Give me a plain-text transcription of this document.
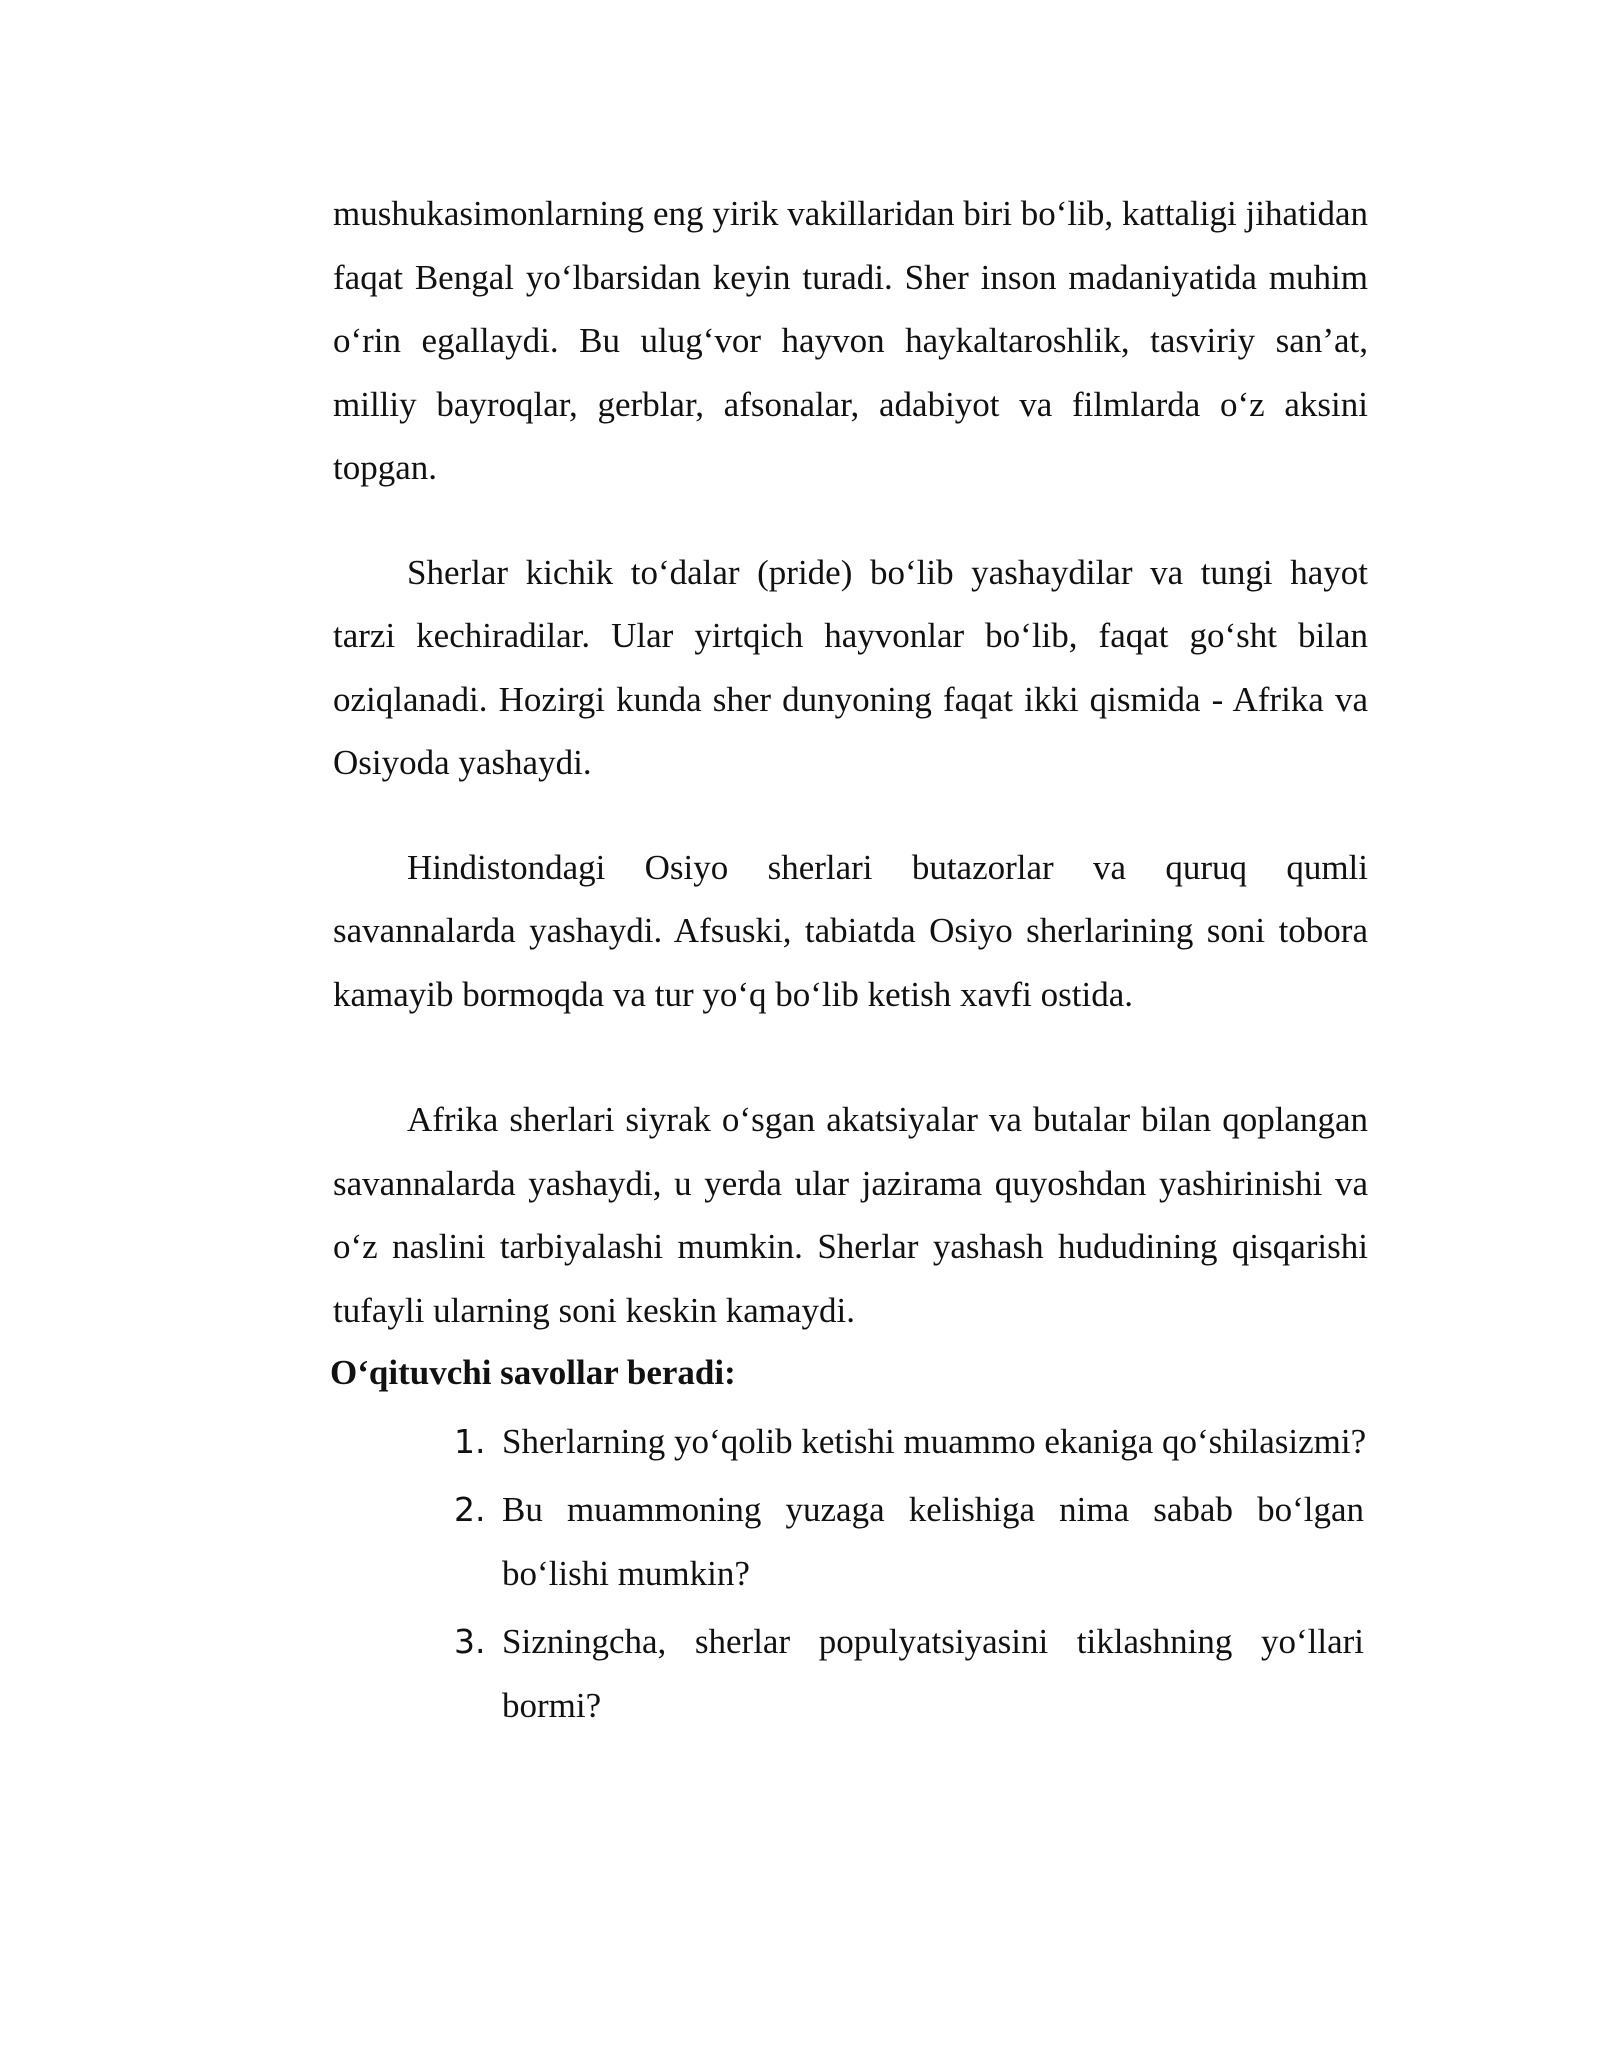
mushukasimonlarning eng yirik vakillaridan biri bo‘lib, kattaligi jihatidan faqat Bengal yo‘lbarsidan keyin turadi. Sher inson madaniyatida muhim o‘rin egallaydi. Bu ulug‘vor hayvon haykaltaroshlik, tasviriy san’at, milliy bayroqlar, gerblar, afsonalar, adabiyot va filmlarda o‘z aksini topgan.

Sherlar kichik to‘dalar (pride) bo‘lib yashaydilar va tungi hayot tarzi kechiradilar. Ular yirtqich hayvonlar bo‘lib, faqat go‘sht bilan oziqlanadi. Hozirgi kunda sher dunyoning faqat ikki qismida - Afrika va Osiyoda yashaydi.

Hindistondagi Osiyo sherlari butazorlar va quruq qumli savannalarda yashaydi. Afsuski, tabiatda Osiyo sherlarining soni tobora kamayib bormoqda va tur yo‘q bo‘lib ketish xavfi ostida.

Afrika sherlari siyrak o‘sgan akatsiyalar va butalar bilan qoplangan savannalarda yashaydi, u yerda ular jazirama quyoshdan yashirinishi va o‘z naslini tarbiyalashi mumkin. Sherlar yashash hududining qisqarishi tufayli ularning soni keskin kamaydi.

O‘qituvchi savollar beradi:

1. Sherlarning yo‘qolib ketishi muammo ekaniga qo‘shilasizmi?
2. Bu muammoning yuzaga kelishiga nima sabab bo‘lgan bo‘lishi mumkin?
3. Sizningcha, sherlar populyatsiyasini tiklashning yo‘llari bormi?
